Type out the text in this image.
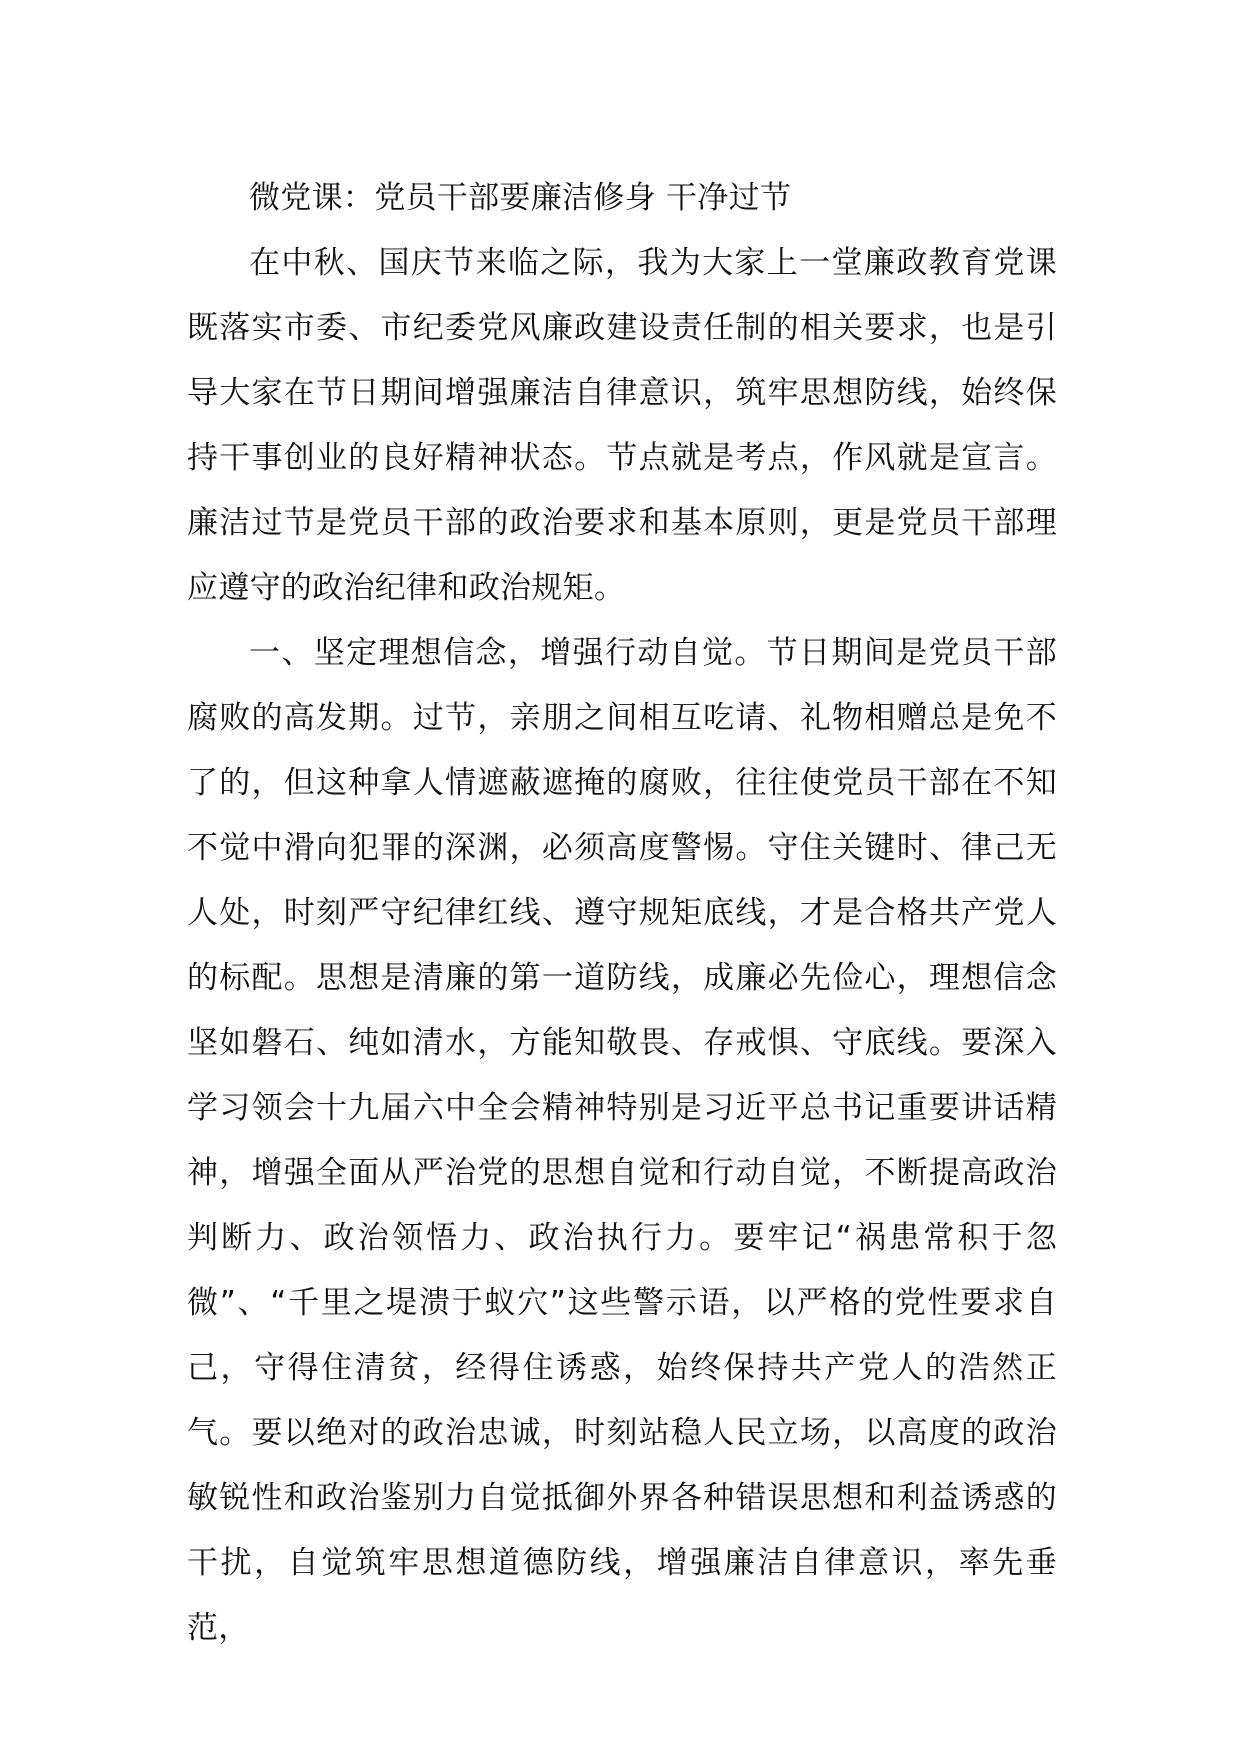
微党课：党员干部要廉洁修身 干净过节

在中秋、国庆节来临之际，我为大家上一堂廉政教育党课既落实市委、市纪委党风廉政建设责任制的相关要求，也是引导大家在节日期间增强廉洁自律意识，筑牢思想防线，始终保持干事创业的良好精神状态。节点就是考点，作风就是宣言。廉洁过节是党员干部的政治要求和基本原则，更是党员干部理应遵守的政治纪律和政治规矩。

一、坚定理想信念，增强行动自觉。节日期间是党员干部腐败的高发期。过节，亲朋之间相互吃请、礼物相赠总是免不了的，但这种拿人情遮蔽遮掩的腐败，往往使党员干部在不知不觉中滑向犯罪的深渊，必须高度警惕。守住关键时、律己无人处，时刻严守纪律红线、遵守规矩底线，才是合格共产党人的标配。思想是清廉的第一道防线，成廉必先俭心，理想信念坚如磐石、纯如清水，方能知敬畏、存戒惧、守底线。要深入学习领会十九届六中全会精神特别是习近平总书记重要讲话精神，增强全面从严治党的思想自觉和行动自觉，不断提高政治判断力、政治领悟力、政治执行力。要牢记“祸患常积于忽微”、“千里之堤溃于蚁穴”这些警示语，以严格的党性要求自己，守得住清贫，经得住诱惑，始终保持共产党人的浩然正气。要以绝对的政治忠诚，时刻站稳人民立场，以高度的政治敏锐性和政治鉴别力自觉抵御外界各种错误思想和利益诱惑的干扰，自觉筑牢思想道德防线，增强廉洁自律意识，率先垂范，
